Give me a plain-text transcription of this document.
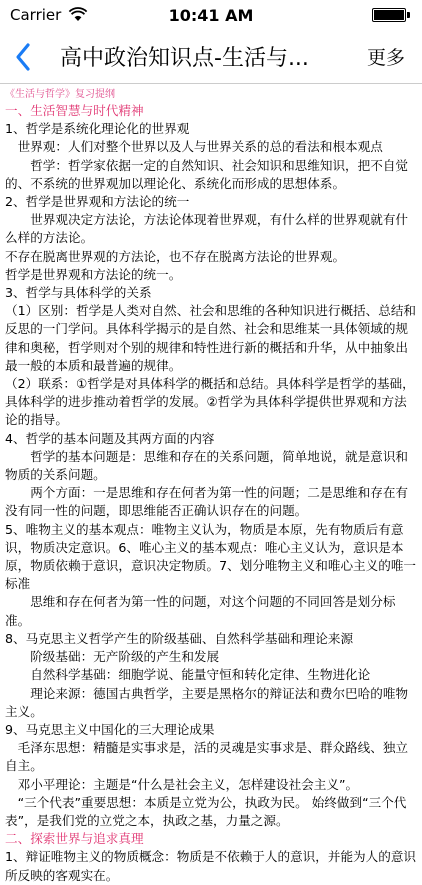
Carrier	10:41 AM
高中政治知识点-生活与...	更多

《生活与哲学》复习提纲

一、生活智慧与时代精神

1、哲学是系统化理论化的世界观

　世界观：人们对整个世界以及人与世界关系的总的看法和根本观点

　　哲学：哲学家依据一定的自然知识、社会知识和思维知识，把不自觉的、不系统的世界观加以理论化、系统化而形成的思想体系。

2、哲学是世界观和方法论的统一

　　世界观决定方法论，方法论体现着世界观，有什么样的世界观就有什么样的方法论。

不存在脱离世界观的方法论，也不存在脱离方法论的世界观。

哲学是世界观和方法论的统一。

3、哲学与具体科学的关系

（1）区别：哲学是人类对自然、社会和思维的各种知识进行概括、总结和反思的一门学问。具体科学揭示的是自然、社会和思维某一具体领域的规律和奥秘，哲学则对个别的规律和特性进行新的概括和升华，从中抽象出最一般的本质和最普遍的规律。

（2）联系：①哲学是对具体科学的概括和总结。具体科学是哲学的基础，具体科学的进步推动着哲学的发展。②哲学为具体科学提供世界观和方法论的指导。

4、哲学的基本问题及其两方面的内容

　　哲学的基本问题是：思维和存在的关系问题，简单地说，就是意识和物质的关系问题。

　　两个方面：一是思维和存在何者为第一性的问题；二是思维和存在有没有同一性的问题，即思维能否正确认识存在的问题。

5、唯物主义的基本观点：唯物主义认为，物质是本原，先有物质后有意识，物质决定意识。6、唯心主义的基本观点：唯心主义认为，意识是本原，物质依赖于意识，意识决定物质。7、划分唯物主义和唯心主义的唯一标准

　　思维和存在何者为第一性的问题，对这个问题的不同回答是划分标准。

8、马克思主义哲学产生的阶级基础、自然科学基础和理论来源

　　阶级基础：无产阶级的产生和发展

　　自然科学基础：细胞学说、能量守恒和转化定律、生物进化论

　　理论来源：德国古典哲学，主要是黑格尔的辩证法和费尔巴哈的唯物主义。

9、马克思主义中国化的三大理论成果

　毛泽东思想：精髓是实事求是，活的灵魂是实事求是、群众路线、独立自主。

　邓小平理论：主题是“什么是社会主义，怎样建设社会主义”。

　“三个代表”重要思想：本质是立党为公，执政为民。 始终做到“三个代表”，是我们党的立党之本，执政之基，力量之源。

二、探索世界与追求真理

1、辩证唯物主义的物质概念：物质是不依赖于人的意识，并能为人的意识所反映的客观实在。
